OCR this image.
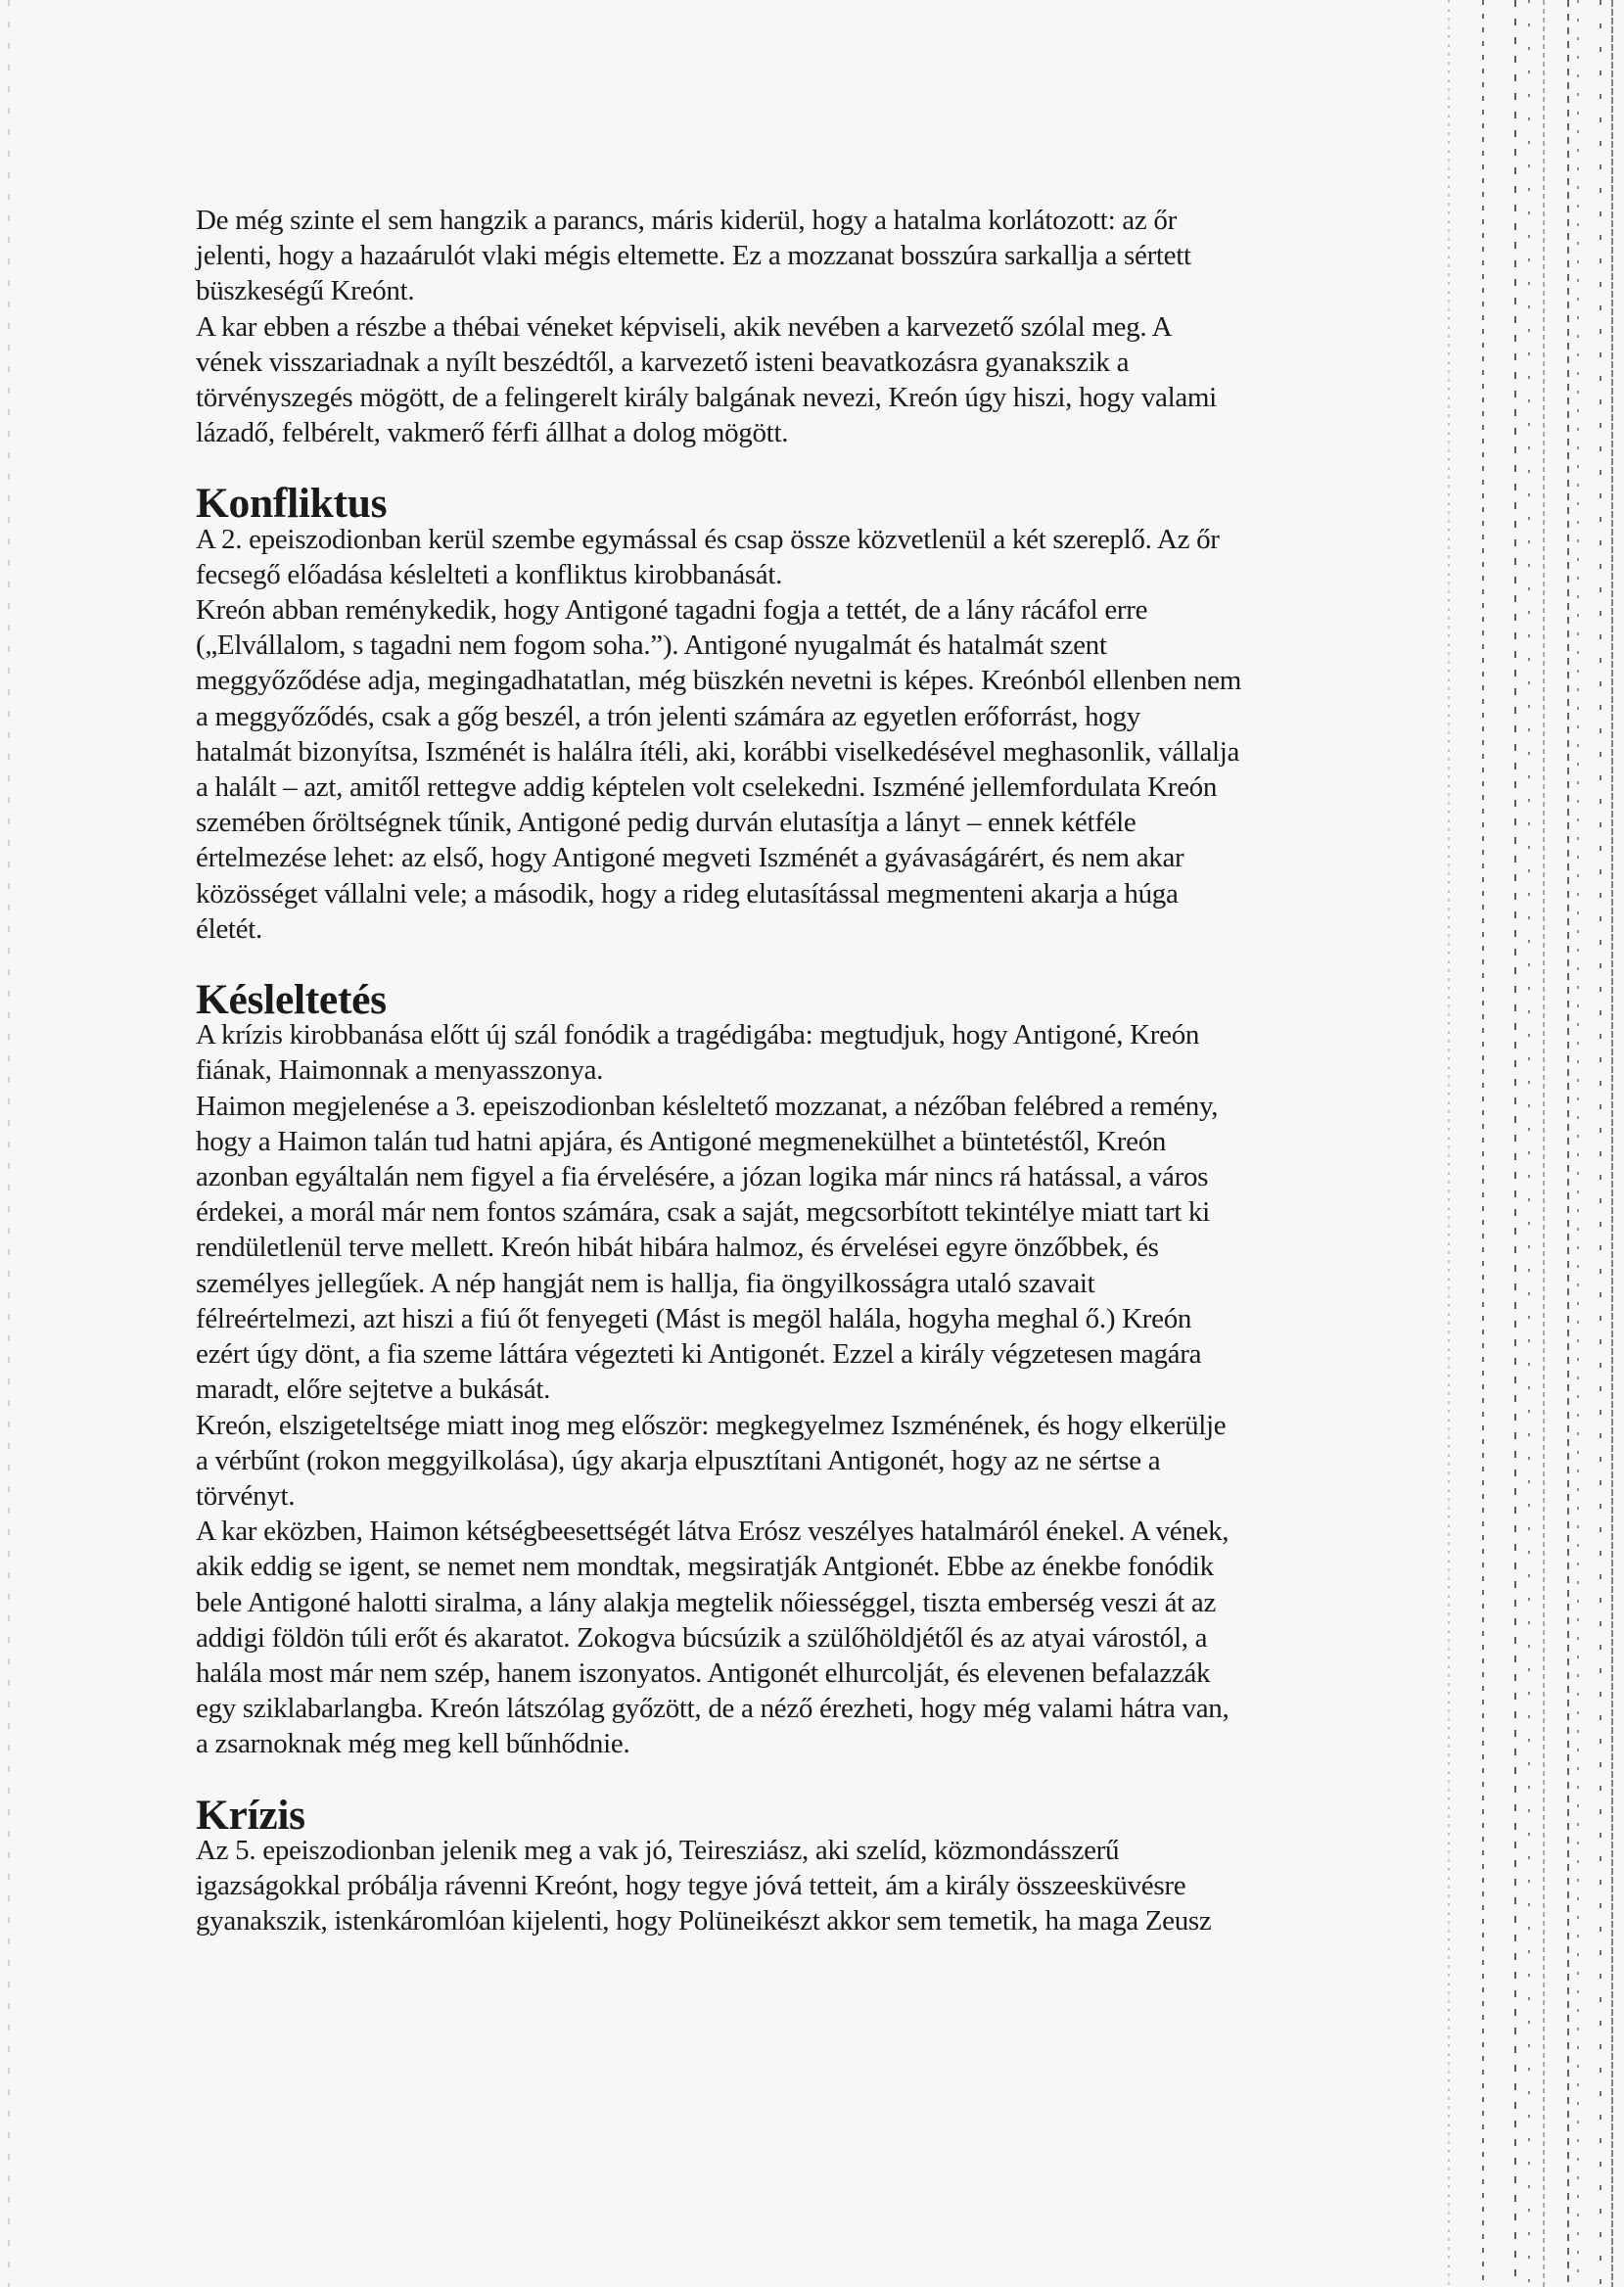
De még szinte el sem hangzik a parancs, máris kiderül, hogy a hatalma korlátozott: az őr
jelenti, hogy a hazaárulót vlaki mégis eltemette. Ez a mozzanat bosszúra sarkallja a sértett
büszkeségű Kreónt.

A kar ebben a részbe a thébai véneket képviseli, akik nevében a karvezető szólal meg. A
vének visszariadnak a nyílt beszédtől, a karvezető isteni beavatkozásra gyanakszik a
törvényszegés mögött, de a felingerelt király balgának nevezi, Kreón úgy hiszi, hogy valami
lázadő, felbérelt, vakmerő férfi állhat a dolog mögött.

Konfliktus

A 2. epeiszodionban kerül szembe egymással és csap össze közvetlenül a két szereplő. Az őr
fecsegő előadása késlelteti a konfliktus kirobbanását.

Kreón abban reménykedik, hogy Antigoné tagadni fogja a tettét, de a lány rácáfol erre
(„Elvállalom, s tagadni nem fogom soha.”). Antigoné nyugalmát és hatalmát szent
meggyőződése adja, megingadhatatlan, még büszkén nevetni is képes. Kreónból ellenben nem
a meggyőződés, csak a gőg beszél, a trón jelenti számára az egyetlen erőforrást, hogy
hatalmát bizonyítsa, Iszménét is halálra ítéli, aki, korábbi viselkedésével meghasonlik, vállalja
a halált – azt, amitől rettegve addig képtelen volt cselekedni. Iszméné jellemfordulata Kreón
szemében őröltségnek tűnik, Antigoné pedig durván elutasítja a lányt – ennek kétféle
értelmezése lehet: az első, hogy Antigoné megveti Iszménét a gyávaságárért, és nem akar
közösséget vállalni vele; a második, hogy a rideg elutasítással megmenteni akarja a húga
életét.

Késleltetés

A krízis kirobbanása előtt új szál fonódik a tragédigába: megtudjuk, hogy Antigoné, Kreón
fiának, Haimonnak a menyasszonya.

Haimon megjelenése a 3. epeiszodionban késleltető mozzanat, a nézőban felébred a remény,
hogy a Haimon talán tud hatni apjára, és Antigoné megmenekülhet a büntetéstől, Kreón
azonban egyáltalán nem figyel a fia érvelésére, a józan logika már nincs rá hatással, a város
érdekei, a morál már nem fontos számára, csak a saját, megcsorbított tekintélye miatt tart ki
rendületlenül terve mellett. Kreón hibát hibára halmoz, és érvelései egyre önzőbbek, és
személyes jellegűek. A nép hangját nem is hallja, fia öngyilkosságra utaló szavait
félreértelmezi, azt hiszi a fiú őt fenyegeti (Mást is megöl halála, hogyha meghal ő.) Kreón
ezért úgy dönt, a fia szeme láttára végezteti ki Antigonét. Ezzel a király végzetesen magára
maradt, előre sejtetve a bukását.

Kreón, elszigeteltsége miatt inog meg először: megkegyelmez Iszménének, és hogy elkerülje
a vérbűnt (rokon meggyilkolása), úgy akarja elpusztítani Antigonét, hogy az ne sértse a
törvényt.

A kar eközben, Haimon kétségbeesettségét látva Erósz veszélyes hatalmáról énekel. A vének,
akik eddig se igent, se nemet nem mondtak, megsiratják Antgionét. Ebbe az énekbe fonódik
bele Antigoné halotti siralma, a lány alakja megtelik nőiességgel, tiszta emberség veszi át az
addigi földön túli erőt és akaratot. Zokogva búcsúzik a szülőhöldjétől és az atyai várostól, a
halála most már nem szép, hanem iszonyatos. Antigonét elhurcolját, és elevenen befalazzák
egy sziklabarlangba. Kreón látszólag győzött, de a néző érezheti, hogy még valami hátra van,
a zsarnoknak még meg kell bűnhődnie.

Krízis

Az 5. epeiszodionban jelenik meg a vak jó, Teiresziász, aki szelíd, közmondásszerű
igazságokkal próbálja rávenni Kreónt, hogy tegye jóvá tetteit, ám a király összeesküvésre
gyanakszik, istenkáromlóan kijelenti, hogy Polüneikészt akkor sem temetik, ha maga Zeusz
